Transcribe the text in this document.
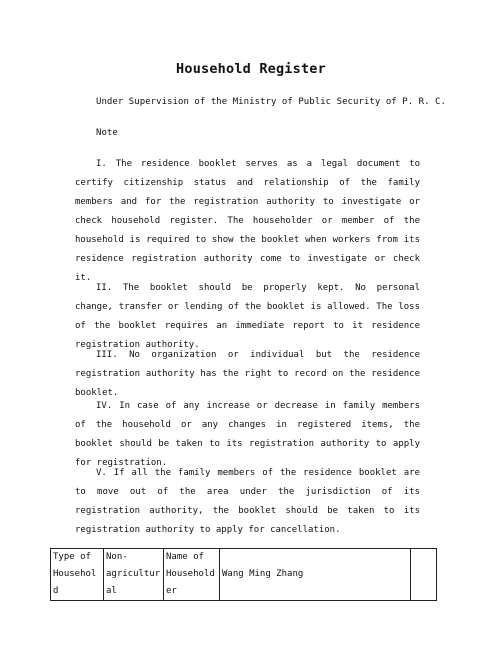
Household Register
Under Supervision of the Ministry of Public Security of P. R. C.
Note
I. The residence booklet serves as a legal document to certify citizenship status and relationship of the family members and for the registration authority to investigate or check household register. The householder or member of the household is required to show the booklet when workers from its residence registration authority come to investigate or check it.
II. The booklet should be properly kept. No personal change, transfer or lending of the booklet is allowed. The loss of the booklet requires an immediate report to it residence registration authority.
III. No organization or individual but the residence registration authority has the right to record on the residence booklet.
IV. In case of any increase or decrease in family members of the household or any changes in registered items, the booklet should be taken to its registration authority to apply for registration.
V. If all the family members of the residence booklet are to move out of the area under the jurisdiction of its registration authority, the booklet should be taken to its registration authority to apply for cancellation.
Type of Household	Non-agricultural	Name of Householder	Wang Ming Zhang	
